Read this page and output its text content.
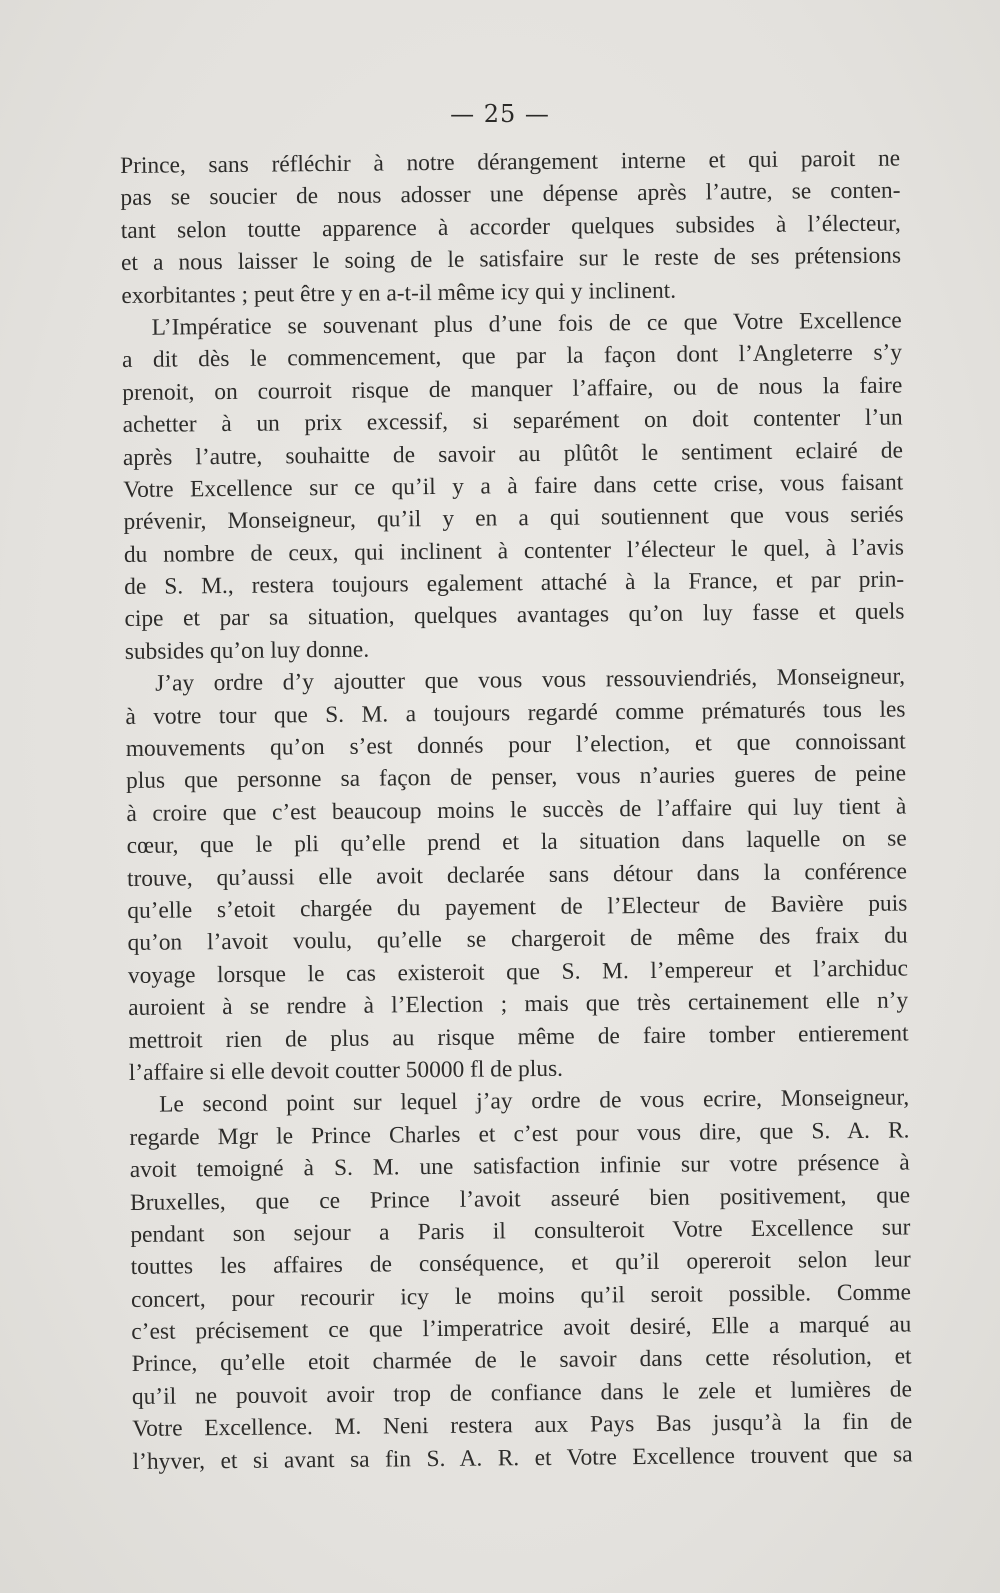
— 25 —
Prince, sans réfléchir à notre dérangement interne et qui paroit ne
pas se soucier de nous adosser une dépense après l’autre, se conten-
tant selon toutte apparence à accorder quelques subsides à l’électeur,
et a nous laisser le soing de le satisfaire sur le reste de ses prétensions
exorbitantes ; peut être y en a-t-il même icy qui y inclinent.
L’Impératice se souvenant plus d’une fois de ce que Votre Excellence
a dit dès le commencement, que par la façon dont l’Angleterre s’y
prenoit, on courroit risque de manquer l’affaire, ou de nous la faire
achetter à un prix excessif, si separément on doit contenter l’un
après l’autre, souhaitte de savoir au plûtôt le sentiment eclairé de
Votre Excellence sur ce qu’il y a à faire dans cette crise, vous faisant
prévenir, Monseigneur, qu’il y en a qui soutiennent que vous seriés
du nombre de ceux, qui inclinent à contenter l’électeur le quel, à l’avis
de S. M., restera toujours egalement attaché à la France, et par prin-
cipe et par sa situation, quelques avantages qu’on luy fasse et quels
subsides qu’on luy donne.
J’ay ordre d’y ajoutter que vous vous ressouviendriés, Monseigneur,
à votre tour que S. M. a toujours regardé comme prématurés tous les
mouvements qu’on s’est donnés pour l’election, et que connoissant
plus que personne sa façon de penser, vous n’auries gueres de peine
à croire que c’est beaucoup moins le succès de l’affaire qui luy tient à
cœur, que le pli qu’elle prend et la situation dans laquelle on se
trouve, qu’aussi elle avoit declarée sans détour dans la conférence
qu’elle s’etoit chargée du payement de l’Electeur de Bavière puis
qu’on l’avoit voulu, qu’elle se chargeroit de même des fraix du
voyage lorsque le cas existeroit que S. M. l’empereur et l’archiduc
auroient à se rendre à l’Election ; mais que très certainement elle n’y
mettroit rien de plus au risque même de faire tomber entierement
l’affaire si elle devoit coutter 50000 fl de plus.
Le second point sur lequel j’ay ordre de vous ecrire, Monseigneur,
regarde Mgr le Prince Charles et c’est pour vous dire, que S. A. R.
avoit temoigné à S. M. une satisfaction infinie sur votre présence à
Bruxelles, que ce Prince l’avoit asseuré bien positivement, que
pendant son sejour a Paris il consulteroit Votre Excellence sur
touttes les affaires de conséquence, et qu’il opereroit selon leur
concert, pour recourir icy le moins qu’il seroit possible. Comme
c’est précisement ce que l’imperatrice avoit desiré, Elle a marqué au
Prince, qu’elle etoit charmée de le savoir dans cette résolution, et
qu’il ne pouvoit avoir trop de confiance dans le zele et lumières de
Votre Excellence. M. Neni restera aux Pays Bas jusqu’à la fin de
l’hyver, et si avant sa fin S. A. R. et Votre Excellence trouvent que sa
